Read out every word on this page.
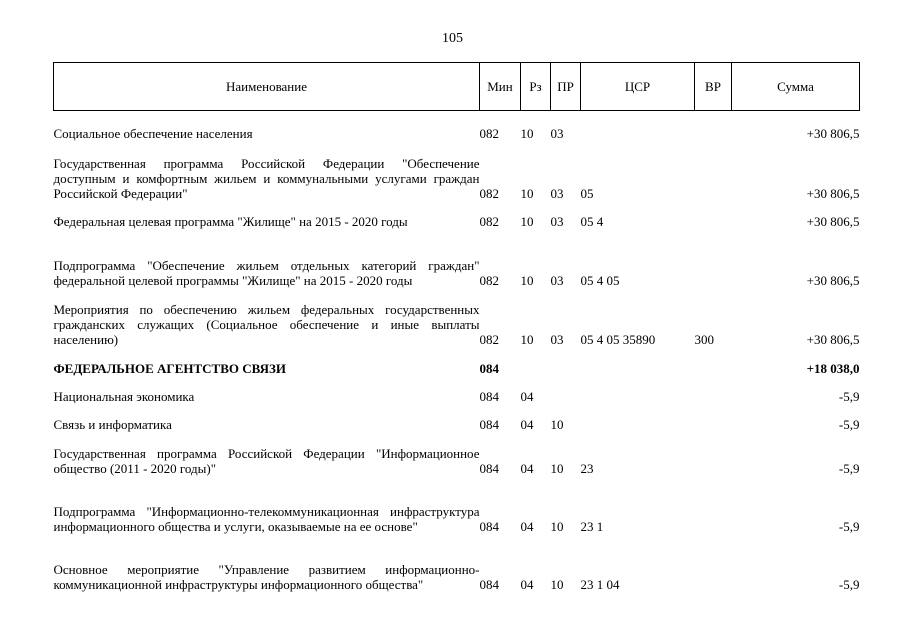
105
Наименование	Мин	Рз	ПР	ЦСР	ВР	Сумма

Социальное обеспечение населения	082	10	03			+30 806,5
Государственная программа Российской Федерации "Обеспечение доступным и комфортным жильем и коммунальными услугами граждан Российской Федерации"	082	10	03	05		+30 806,5
Федеральная целевая программа "Жилище" на 2015 - 2020 годы	082	10	03	05 4		+30 806,5
Подпрограмма "Обеспечение жильем отдельных категорий граждан" федеральной целевой программы "Жилище" на 2015 - 2020 годы	082	10	03	05 4 05		+30 806,5
Мероприятия по обеспечению жильем федеральных государственных гражданских служащих (Социальное обеспечение и иные выплаты населению)	082	10	03	05 4 05 35890	300	+30 806,5
ФЕДЕРАЛЬНОЕ АГЕНТСТВО СВЯЗИ	084					+18 038,0
Национальная экономика	084	04				-5,9
Связь и информатика	084	04	10			-5,9
Государственная программа Российской Федерации "Информационное общество (2011 - 2020 годы)"	084	04	10	23		-5,9
Подпрограмма "Информационно-телекоммуникационная инфраструктура информационного общества и услуги, оказываемые на ее основе"	084	04	10	23 1		-5,9
Основное мероприятие "Управление развитием информационно-коммуникационной инфраструктуры информационного общества"	084	04	10	23 1 04		-5,9
